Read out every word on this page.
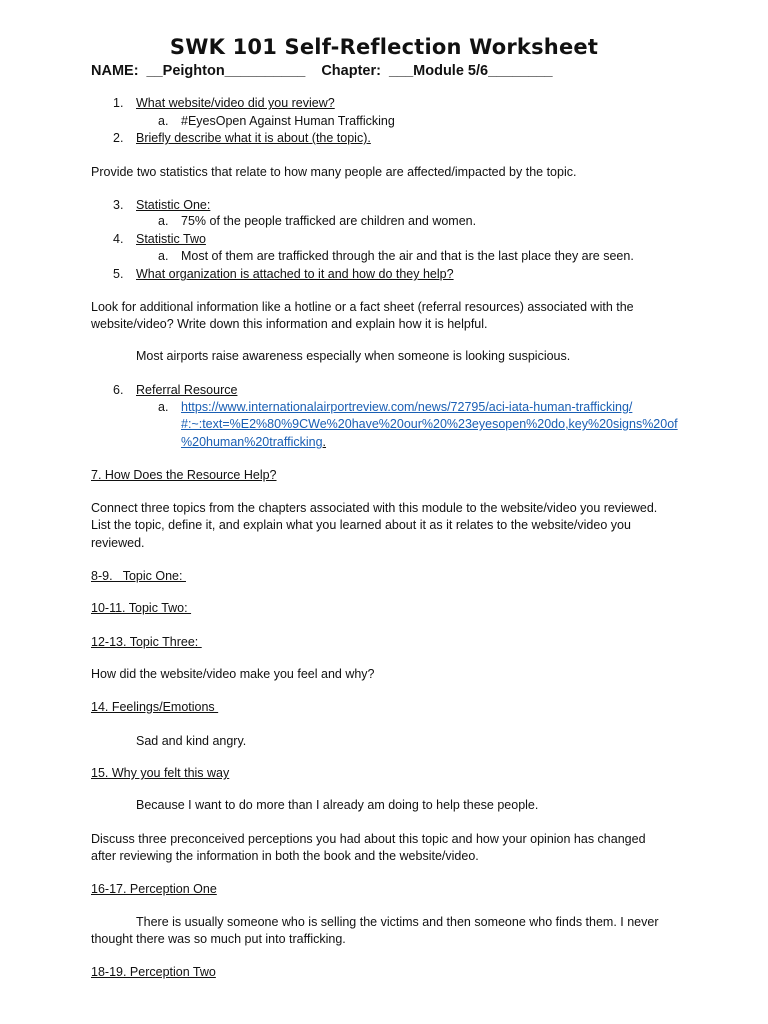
SWK 101 Self-Reflection Worksheet
NAME: __Peighton__________ Chapter: ___Module 5/6________
1. What website/video did you review?
a. #EyesOpen Against Human Trafficking
2. Briefly describe what it is about (the topic).
Provide two statistics that relate to how many people are affected/impacted by the topic.
3. Statistic One:
a. 75% of the people trafficked are children and women.
4. Statistic Two
a. Most of them are trafficked through the air and that is the last place they are seen.
5. What organization is attached to it and how do they help?
Look for additional information like a hotline or a fact sheet (referral resources) associated with the
website/video? Write down this information and explain how it is helpful.
Most airports raise awareness especially when someone is looking suspicious.
6. Referral Resource
a. https://www.internationalairportreview.com/news/72795/aci-iata-human-trafficking/
#:~:text=%E2%80%9CWe%20have%20our%20%23eyesopen%20do,key%20signs%20of
%20human%20trafficking.
7. How Does the Resource Help?
Connect three topics from the chapters associated with this module to the website/video you reviewed.
List the topic, define it, and explain what you learned about it as it relates to the website/video you
reviewed.
8-9.   Topic One:
10-11. Topic Two:
12-13. Topic Three:
How did the website/video make you feel and why?
14. Feelings/Emotions
Sad and kind angry.
15. Why you felt this way
Because I want to do more than I already am doing to help these people.
Discuss three preconceived perceptions you had about this topic and how your opinion has changed
after reviewing the information in both the book and the website/video.
16-17. Perception One
There is usually someone who is selling the victims and then someone who finds them. I never
thought there was so much put into trafficking.
18-19. Perception Two
